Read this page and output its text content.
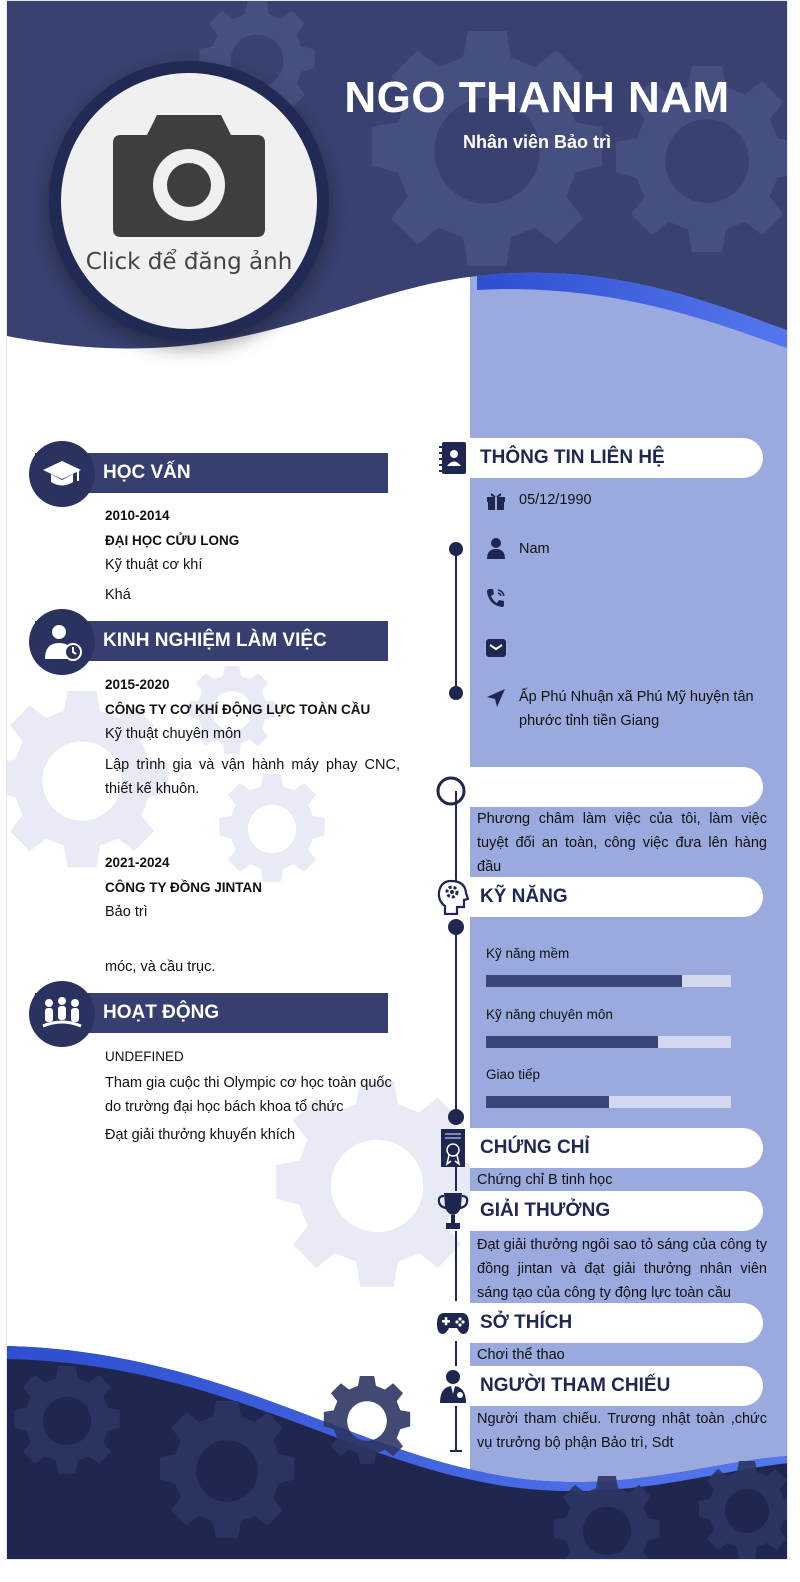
Click để đăng ảnh
NGO THANH NAM
Nhân viên Bảo trì
HỌC VẤN
2010-2014
ĐẠI HỌC CỬU LONG
Kỹ thuật cơ khí
Khá
KINH NGHIỆM LÀM VIỆC
2015-2020
CÔNG TY CƠ KHÍ ĐỘNG LỰC TOÀN CẦU
Kỹ thuật chuyên môn
Lập trình gia và vận hành máy phay CNC, thiết kế khuôn.
2021-2024
CÔNG TY ĐỒNG JINTAN
Bảo trì
móc, và cầu trục.
HOẠT ĐỘNG
UNDEFINED
Tham gia cuộc thi Olympic cơ học toàn quốc do trường đại học bách khoa tổ chức
Đạt giải thưởng khuyến khích
THÔNG TIN LIÊN HỆ
05/12/1990
Nam
Ấp Phú Nhuận xã Phú Mỹ huyện tân phước tỉnh tiền Giang
Phương châm làm việc của tôi, làm việc tuyệt đối an toàn, công việc đưa lên hàng đầu
KỸ NĂNG
Kỹ năng mềm
Kỹ năng chuyên môn
Giao tiếp
CHỨNG CHỈ
Chứng chỉ B tinh học
GIẢI THƯỞNG
Đạt giải thưởng ngôi sao tỏ sáng của công ty đồng jintan và đạt giải thưởng nhân viên sáng tạo của công ty động lực toàn cầu
SỞ THÍCH
Chơi thể thao
NGƯỜI THAM CHIẾU
Người tham chiếu. Trương nhật toàn ,chức vụ trưởng bộ phận Bảo trì, Sdt
